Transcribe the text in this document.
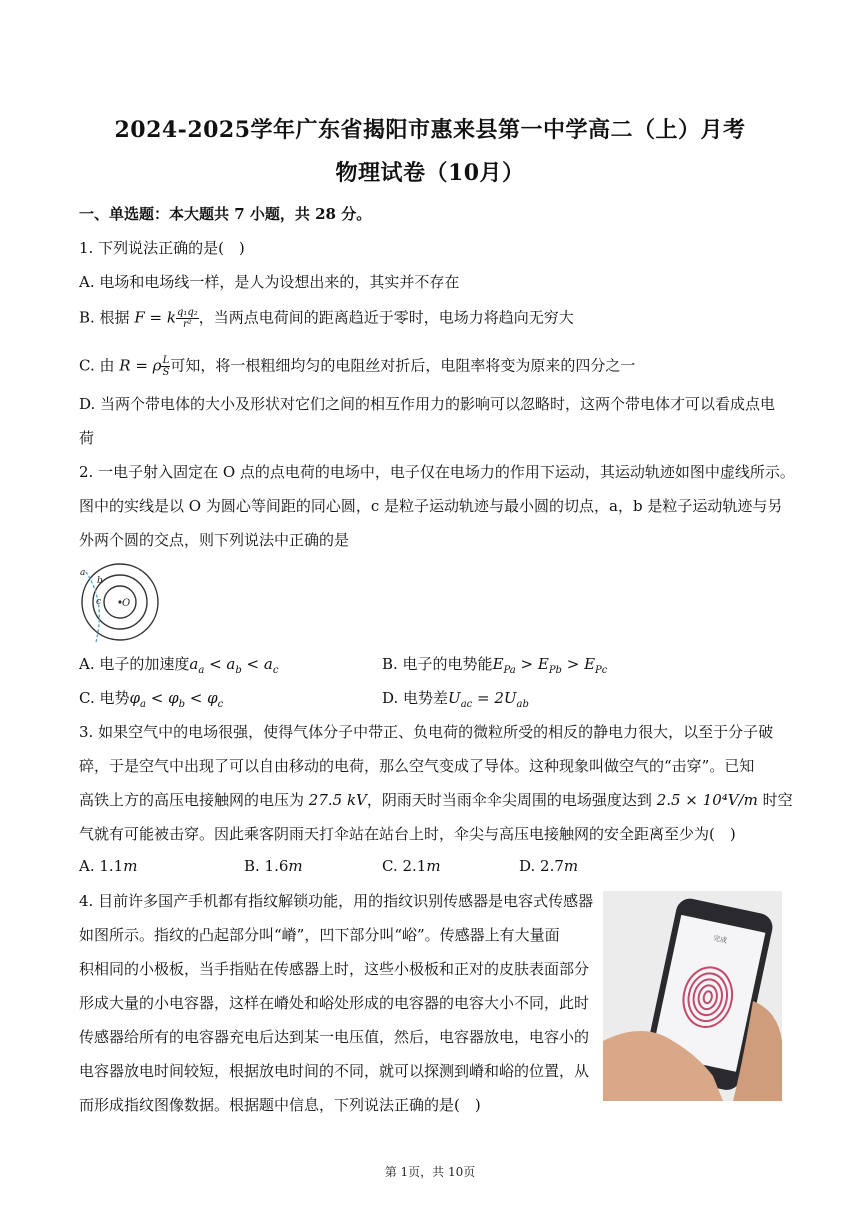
2024-2025学年广东省揭阳市惠来县第一中学高二（上）月考
物理试卷（10月）
一、单选题：本大题共 7 小题，共 28 分。
1. 下列说法正确的是(　)
A. 电场和电场线一样，是人为设想出来的，其实并不存在
B. 根据 F = k $\frac{\text{q₁q₂}}{\text{r²}}$ ，当两点电荷间的距离趋近于零时，电场力将趋向无穷大
C. 由 R = ρ $\frac{L}{S}$ 可知，将一根粗细均匀的电阻丝对折后，电阻率将变为原来的四分之一
D. 当两个带电体的大小及形状对它们之间的相互作用力的影响可以忽略时，这两个带电体才可以看成点电
荷
2. 一电子射入固定在 O 点的点电荷的电场中，电子仅在电场力的作用下运动，其运动轨迹如图中虚线所示。
图中的实线是以 O 为圆心等间距的同心圆，c 是粒子运动轨迹与最小圆的切点，a，b 是粒子运动轨迹与另
外两个圆的交点，则下列说法中正确的是
a
b
c O
A. 电子的加速度$a_a < a_b < a_c$	B. 电子的电势能$E_{Pa} > E_{Pb} > E_{Pc}$
C. 电势$\varphi_a < \varphi_b < \varphi_c$	D. 电势差$U_{ac} = 2U_{ab}$
3. 如果空气中的电场很强，使得气体分子中带正、负电荷的微粒所受的相反的静电力很大，以至于分子破
碎，于是空气中出现了可以自由移动的电荷，那么空气变成了导体。这种现象叫做空气的“击穿”。已知
高铁上方的高压电接触网的电压为 27.5 kV，阴雨天时当雨伞伞尖周围的电场强度达到 2.5 × 10⁴V/m 时空
气就有可能被击穿。因此乘客阴雨天打伞站在站台上时，伞尖与高压电接触网的安全距离至少为(　)
A. 1.1m	B. 1.6m	C. 2.1m	D. 2.7m
4. 目前许多国产手机都有指纹解锁功能，用的指纹识别传感器是电容式传感器
如图所示。指纹的凸起部分叫“嵴”，凹下部分叫“峪”。传感器上有大量面
积相同的小极板，当手指贴在传感器上时，这些小极板和正对的皮肤表面部分
形成大量的小电容器，这样在嵴处和峪处形成的电容器的电容大小不同，此时
传感器给所有的电容器充电后达到某一电压值，然后，电容器放电，电容小的
电容器放电时间较短，根据放电时间的不同，就可以探测到嵴和峪的位置，从
而形成指纹图像数据。根据题中信息，下列说法正确的是(　)
完成
第 1页，共 10页
